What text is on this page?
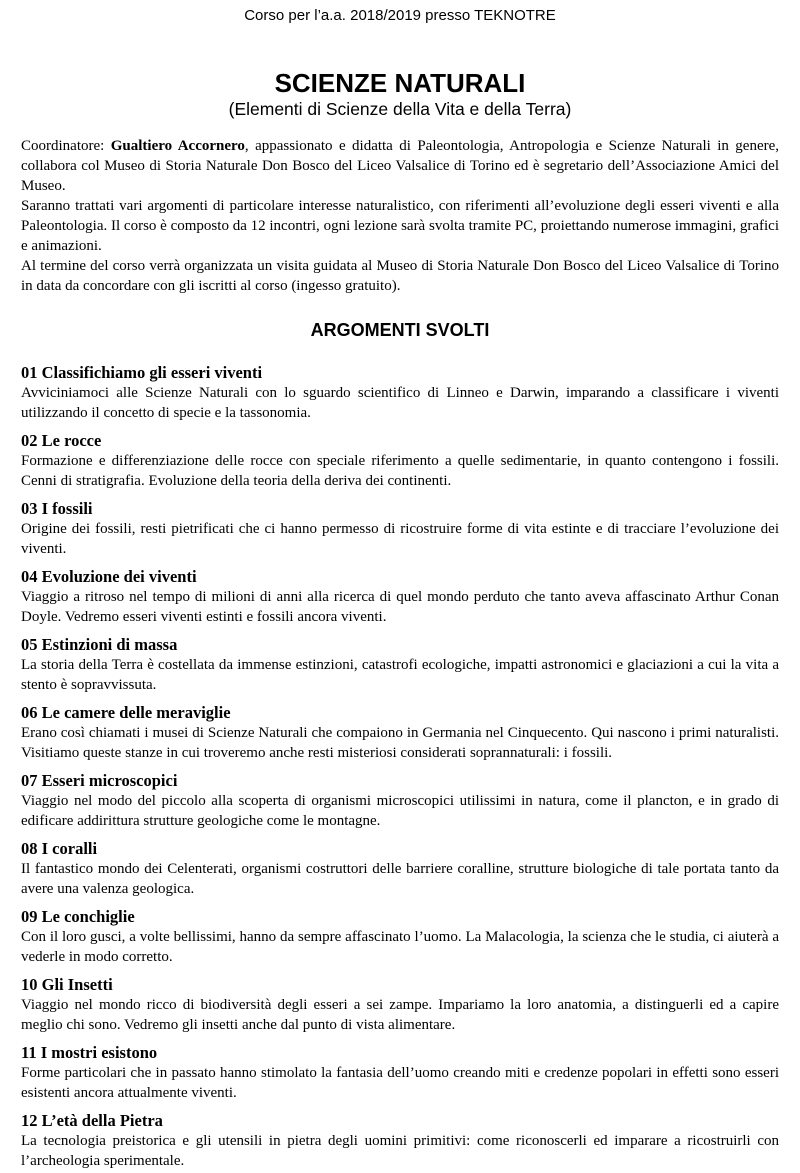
Corso per l’a.a. 2018/2019 presso TEKNOTRE

SCIENZE NATURALI

(Elementi di Scienze della Vita e della Terra)

Coordinatore: Gualtiero Accornero, appassionato e didatta di Paleontologia, Antropologia e Scienze Naturali in genere, collabora col Museo di Storia Naturale Don Bosco del Liceo Valsalice di Torino ed è segretario dell’Associazione Amici del Museo.

Saranno trattati vari argomenti di particolare interesse naturalistico, con riferimenti all’evoluzione degli esseri viventi e alla Paleontologia. Il corso è composto da 12 incontri, ogni lezione sarà svolta tramite PC, proiettando numerose immagini, grafici e animazioni.

Al termine del corso verrà organizzata un visita guidata al Museo di Storia Naturale Don Bosco del Liceo Valsalice di Torino in data da concordare con gli iscritti al corso (ingesso gratuito).

ARGOMENTI SVOLTI
01 Classifichiamo gli esseri viventi

Avviciniamoci alle Scienze Naturali con lo sguardo scientifico di Linneo e Darwin, imparando a classificare i viventi utilizzando il concetto di specie e la tassonomia.

02 Le rocce

Formazione e differenziazione delle rocce con speciale riferimento a quelle sedimentarie, in quanto contengono i fossili. Cenni di stratigrafia. Evoluzione della teoria della deriva dei continenti.

03 I fossili

Origine dei fossili, resti pietrificati che ci hanno permesso di ricostruire forme di vita estinte e di tracciare l’evoluzione dei viventi.

04 Evoluzione dei viventi

Viaggio a ritroso nel tempo di milioni di anni alla ricerca di quel mondo perduto che tanto aveva affascinato Arthur Conan Doyle. Vedremo esseri viventi estinti e fossili ancora viventi.

05 Estinzioni di massa

La storia della Terra è costellata da immense estinzioni, catastrofi ecologiche, impatti astronomici e glaciazioni a cui la vita a stento è sopravvissuta.

06 Le camere delle meraviglie

Erano così chiamati i musei di Scienze Naturali che compaiono in Germania nel Cinquecento. Qui nascono i primi naturalisti. Visitiamo queste stanze in cui troveremo anche resti misteriosi considerati soprannaturali: i fossili.

07 Esseri microscopici

Viaggio nel modo del piccolo alla scoperta di organismi microscopici utilissimi in natura, come il plancton, e in grado di edificare addirittura strutture geologiche come le montagne.

08 I coralli

Il fantastico mondo dei Celenterati, organismi costruttori delle barriere coralline, strutture biologiche di tale portata tanto da avere una valenza geologica.

09 Le conchiglie

Con il loro gusci, a volte bellissimi, hanno da sempre affascinato l’uomo. La Malacologia, la scienza che le studia, ci aiuterà a vederle in modo corretto.

10 Gli Insetti

Viaggio nel mondo ricco di biodiversità degli esseri a sei zampe. Impariamo la loro anatomia, a distinguerli ed a capire meglio chi sono. Vedremo gli insetti anche dal punto di vista alimentare.

11 I mostri esistono

Forme particolari che in passato hanno stimolato la fantasia dell’uomo creando miti e credenze popolari in effetti sono esseri esistenti ancora attualmente viventi.

12 L’età della Pietra

La tecnologia preistorica e gli utensili in pietra degli uomini primitivi: come riconoscerli ed imparare a ricostruirli con l’archeologia sperimentale.
